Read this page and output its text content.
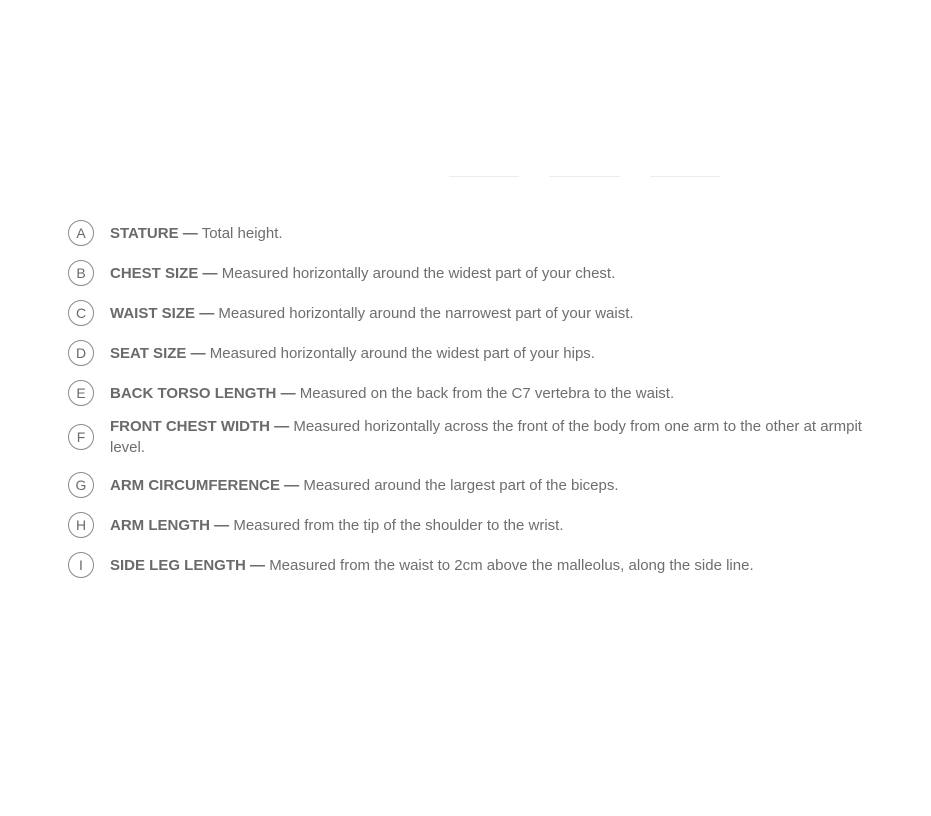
A	STATURE — Total height.
B	CHEST SIZE — Measured horizontally around the widest part of your chest.
C	WAIST SIZE — Measured horizontally around the narrowest part of your waist.
D	SEAT SIZE — Measured horizontally around the widest part of your hips.
E	BACK TORSO LENGTH — Measured on the back from the C7 vertebra to the waist.
F
FRONT CHEST WIDTH — Measured horizontally across the front of the body from one arm to the other at armpit level.
G	ARM CIRCUMFERENCE — Measured around the largest part of the biceps.
H	ARM LENGTH — Measured from the tip of the shoulder to the wrist.
I	SIDE LEG LENGTH — Measured from the waist to 2cm above the malleolus, along the side line.
